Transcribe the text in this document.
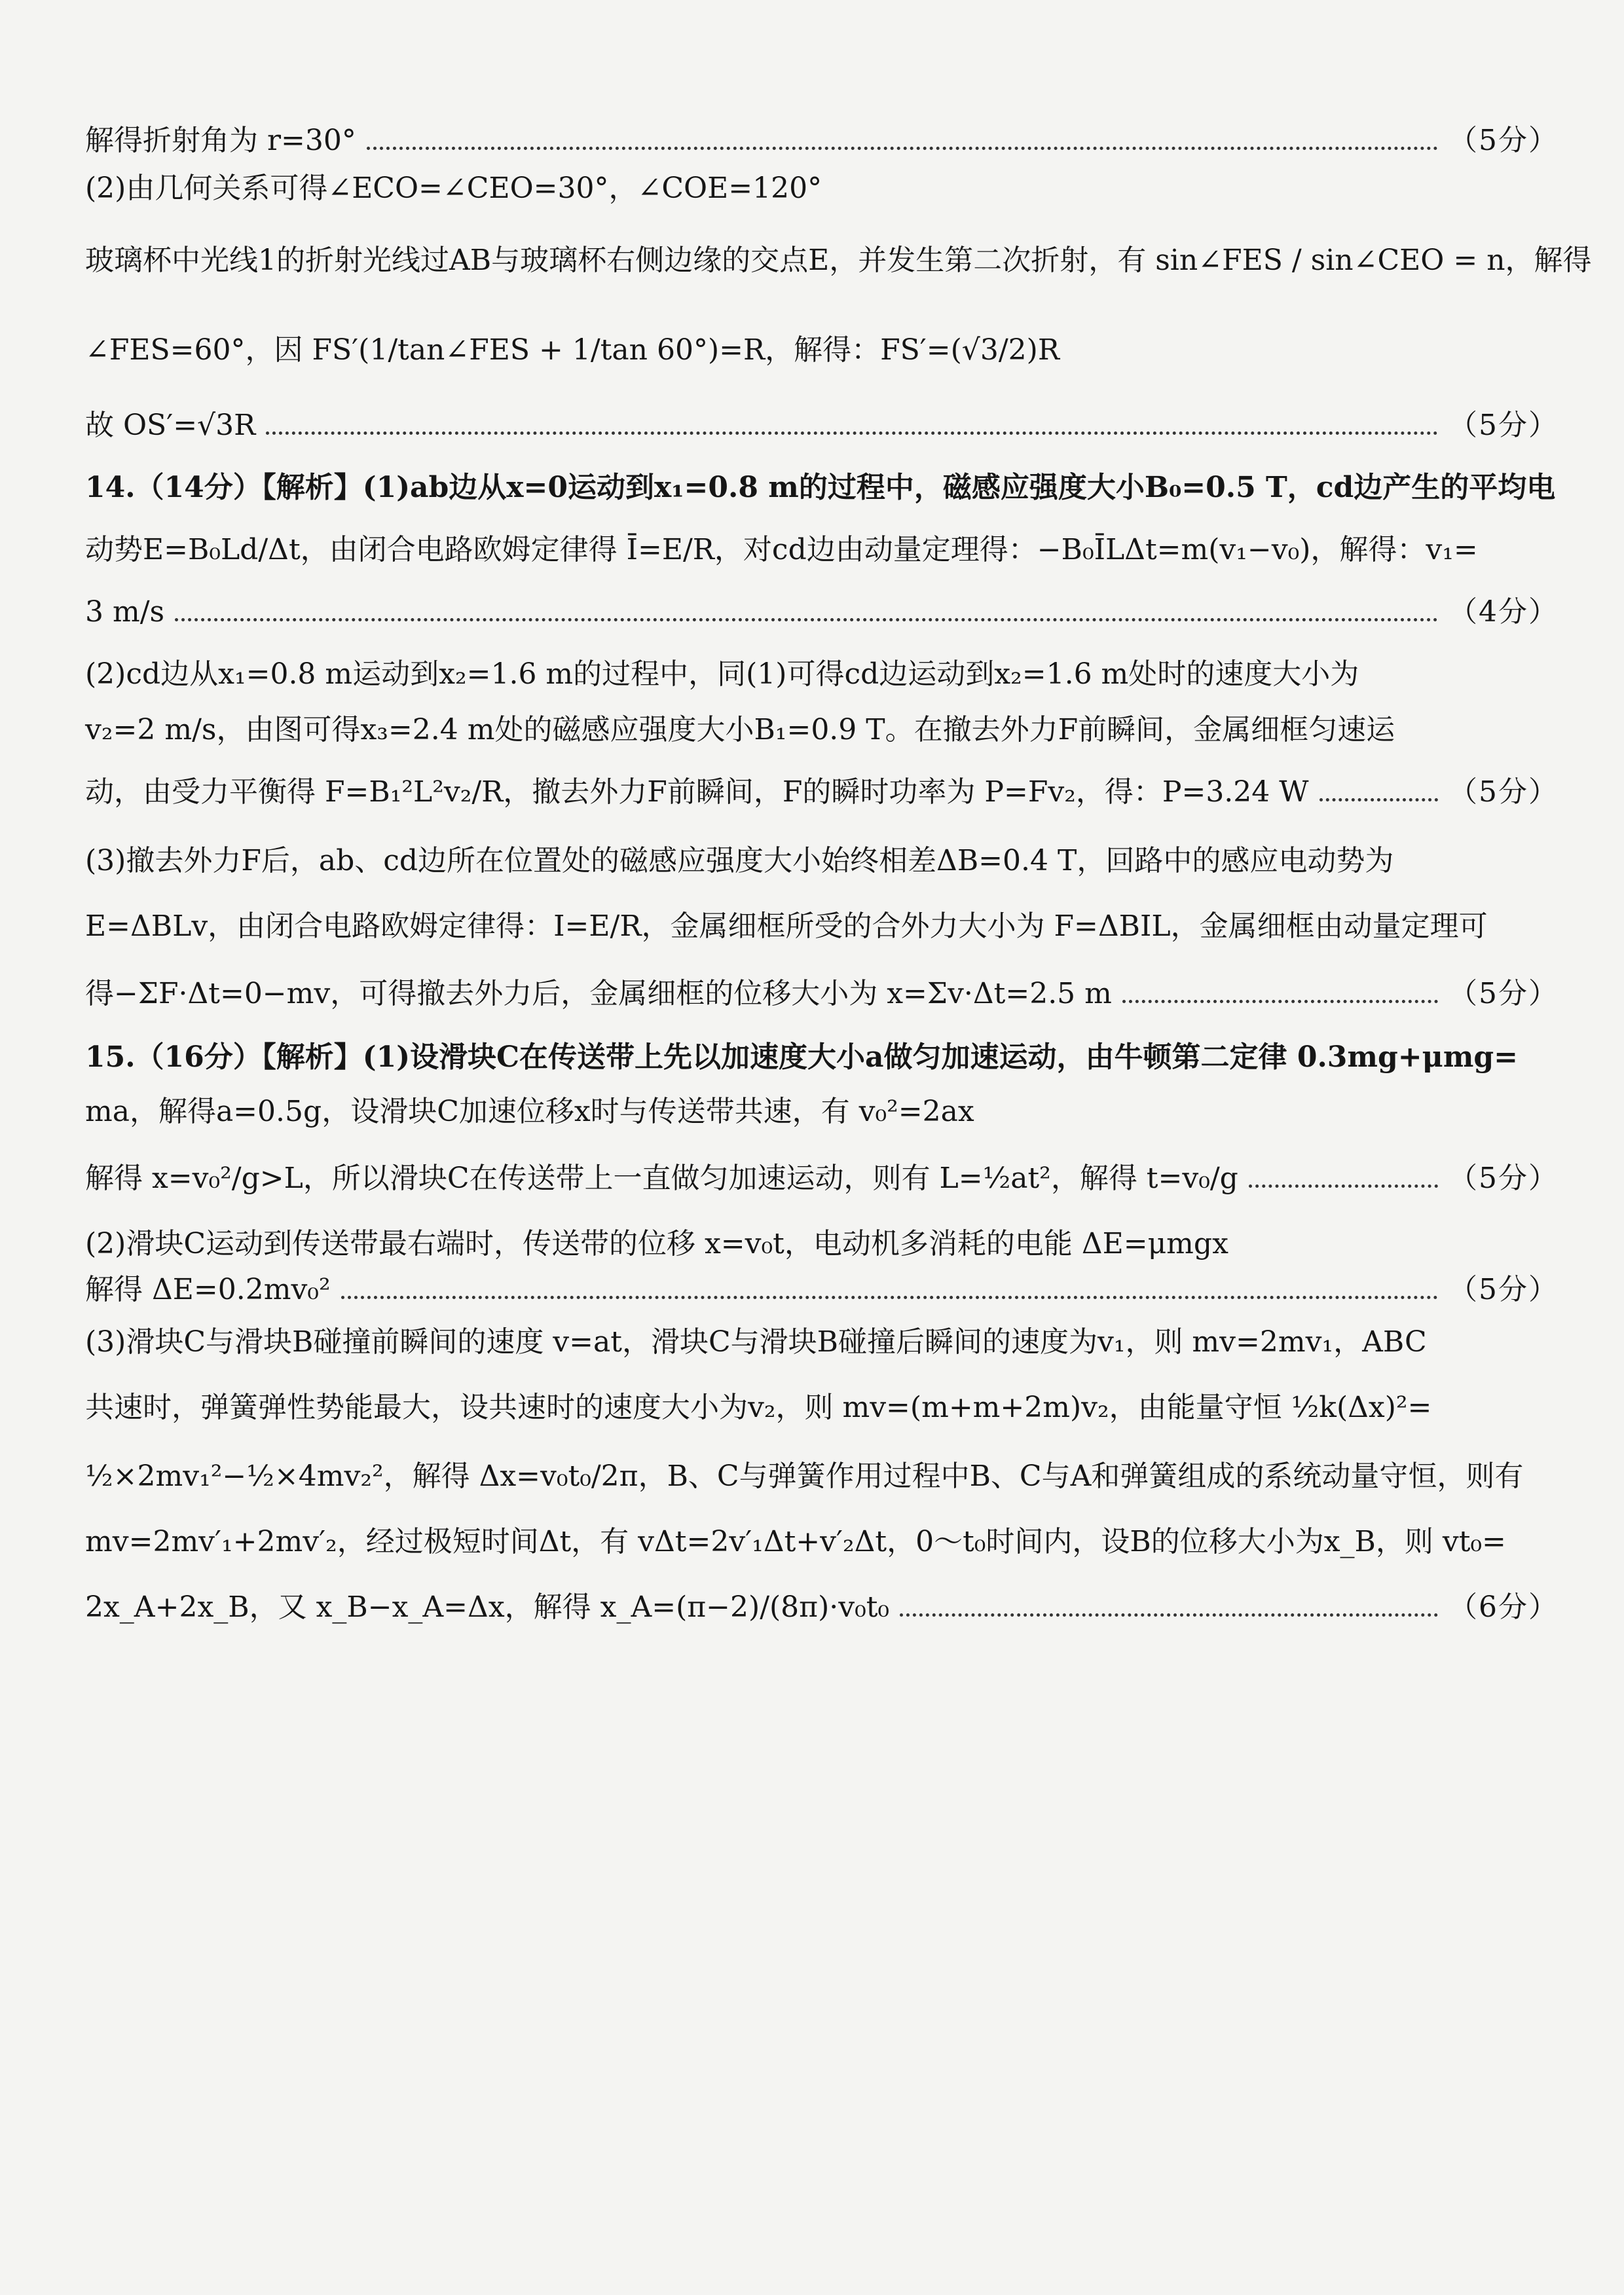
解得折射角为 r=30°	（5分）
(2)由几何关系可得∠ECO=∠CEO=30°，∠COE=120°
玻璃杯中光线1的折射光线过AB与玻璃杯右侧边缘的交点E，并发生第二次折射，有 sin∠FES / sin∠CEO = n，解得
∠FES=60°，因 FS′(1/tan∠FES + 1/tan 60°)=R，解得：FS′=(√3/2)R
故 OS′=√3R	（5分）
14.（14分）【解析】(1)ab边从x=0运动到x₁=0.8 m的过程中，磁感应强度大小B₀=0.5 T，cd边产生的平均电
动势E=B₀Ld/Δt，由闭合电路欧姆定律得 Ī=E/R，对cd边由动量定理得：−B₀ĪLΔt=m(v₁−v₀)，解得：v₁=
3 m/s	（4分）
(2)cd边从x₁=0.8 m运动到x₂=1.6 m的过程中，同(1)可得cd边运动到x₂=1.6 m处时的速度大小为
v₂=2 m/s，由图可得x₃=2.4 m处的磁感应强度大小B₁=0.9 T。在撤去外力F前瞬间，金属细框匀速运
动，由受力平衡得 F=B₁²L²v₂/R，撤去外力F前瞬间，F的瞬时功率为 P=Fv₂，得：P=3.24 W	（5分）
(3)撤去外力F后，ab、cd边所在位置处的磁感应强度大小始终相差ΔB=0.4 T，回路中的感应电动势为
E=ΔBLv，由闭合电路欧姆定律得：I=E/R，金属细框所受的合外力大小为 F=ΔBIL，金属细框由动量定理可
得−ΣF·Δt=0−mv，可得撤去外力后，金属细框的位移大小为 x=Σv·Δt=2.5 m	（5分）
15.（16分）【解析】(1)设滑块C在传送带上先以加速度大小a做匀加速运动，由牛顿第二定律 0.3mg+μmg=
ma，解得a=0.5g，设滑块C加速位移x时与传送带共速，有 v₀²=2ax
解得 x=v₀²/g>L，所以滑块C在传送带上一直做匀加速运动，则有 L=½at²，解得 t=v₀/g	（5分）
(2)滑块C运动到传送带最右端时，传送带的位移 x=v₀t，电动机多消耗的电能 ΔE=μmgx
解得 ΔE=0.2mv₀²	（5分）
(3)滑块C与滑块B碰撞前瞬间的速度 v=at，滑块C与滑块B碰撞后瞬间的速度为v₁，则 mv=2mv₁，ABC
共速时，弹簧弹性势能最大，设共速时的速度大小为v₂，则 mv=(m+m+2m)v₂，由能量守恒 ½k(Δx)²=
½×2mv₁²−½×4mv₂²，解得 Δx=v₀t₀/2π，B、C与弹簧作用过程中B、C与A和弹簧组成的系统动量守恒，则有
mv=2mv′₁+2mv′₂，经过极短时间Δt，有 vΔt=2v′₁Δt+v′₂Δt，0～t₀时间内，设B的位移大小为x_B，则 vt₀=
2x_A+2x_B，又 x_B−x_A=Δx，解得 x_A=(π−2)/(8π)·v₀t₀	（6分）
